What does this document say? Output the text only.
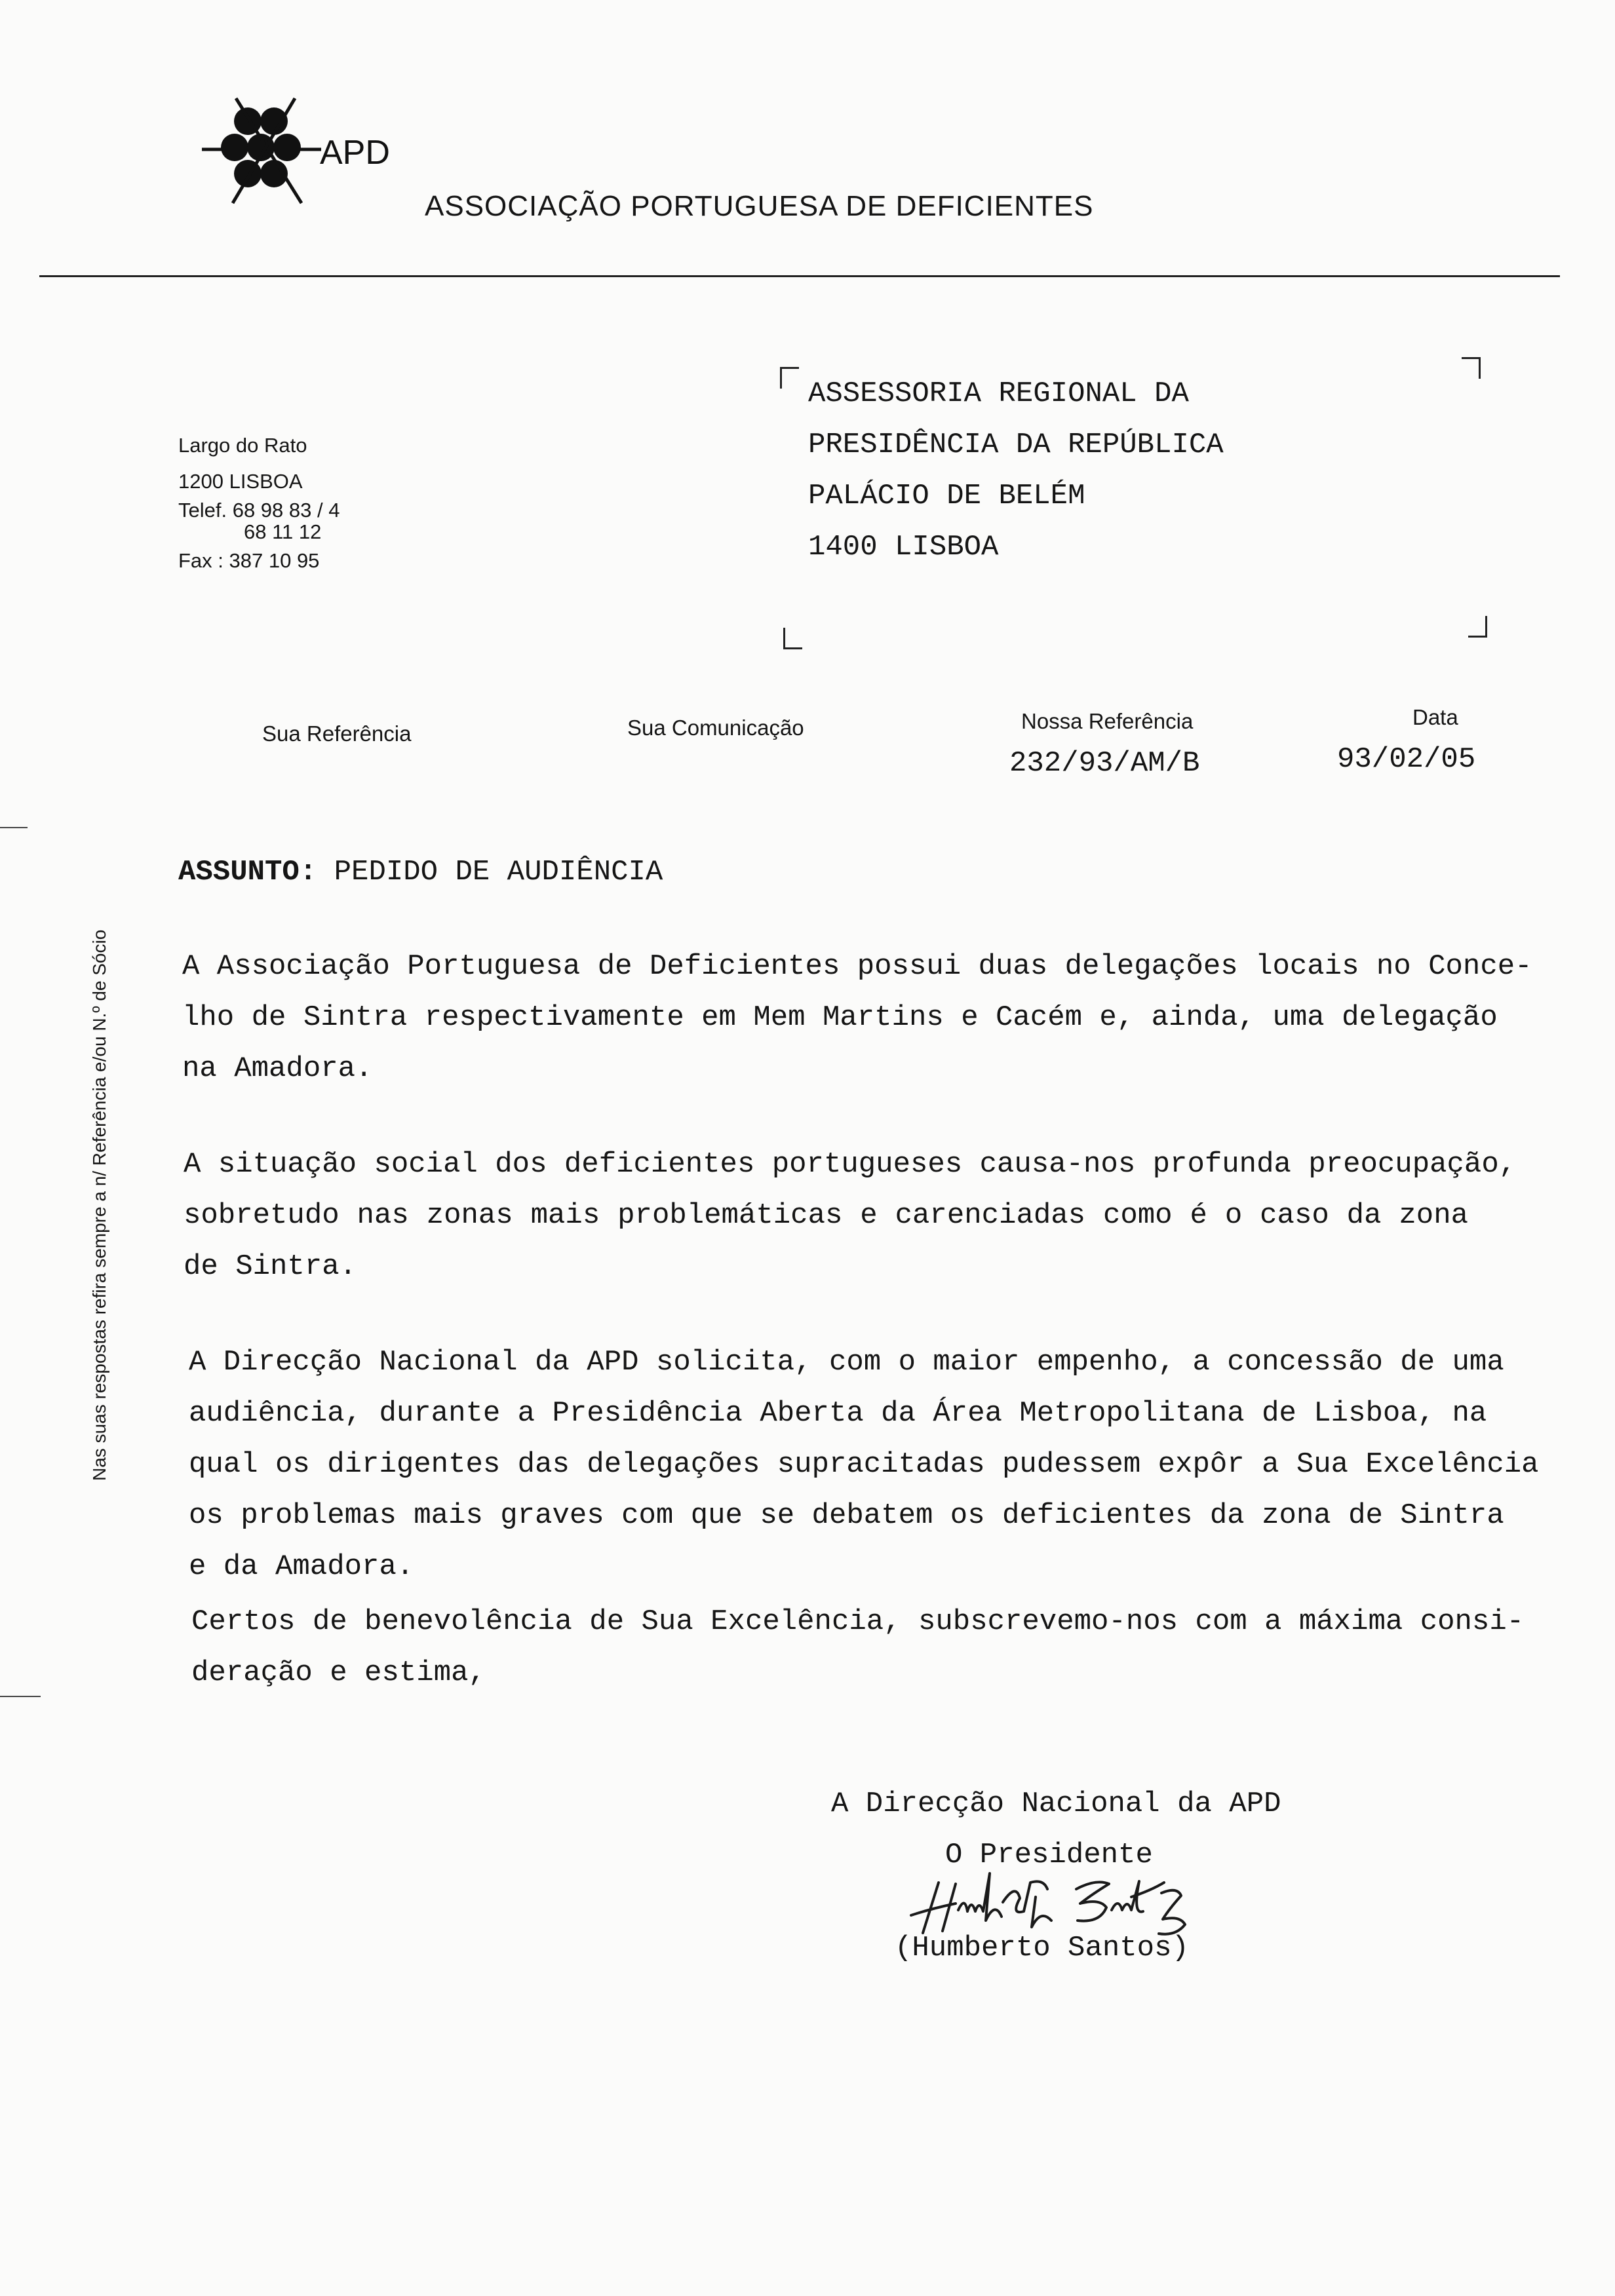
APD
ASSOCIAÇÃO PORTUGUESA DE DEFICIENTES
Largo do Rato
1200 LISBOA
Telef. 68 98 83 / 4
68 11 12
Fax : 387 10 95
ASSESSORIA REGIONAL DA
PRESIDÊNCIA DA REPÚBLICA
PALÁCIO DE BELÉM
1400 LISBOA
Sua Referência	Sua Comunicação	Nossa Referência
232/93/AM/B
Data
93/02/05
Nas suas respostas refira sempre a n/ Referência e/ou N.º de Sócio
ASSUNTO: PEDIDO DE AUDIÊNCIA
A Associação Portuguesa de Deficientes possui duas delegações locais no Conce-
lho de Sintra respectivamente em Mem Martins e Cacém e, ainda, uma delegação
na Amadora.
A situação social dos deficientes portugueses causa-nos profunda preocupação,
sobretudo nas zonas mais problemáticas e carenciadas como é o caso da zona
de Sintra.
A Direcção Nacional da APD solicita, com o maior empenho, a concessão de uma
audiência, durante a Presidência Aberta da Área Metropolitana de Lisboa, na
qual os dirigentes das delegações supracitadas pudessem expôr a Sua Excelência
os problemas mais graves com que se debatem os deficientes da zona de Sintra
e da Amadora.
Certos de benevolência de Sua Excelência, subscrevemo-nos com a máxima consi-
deração e estima,
A Direcção Nacional da APD
O Presidente
(Humberto Santos)
